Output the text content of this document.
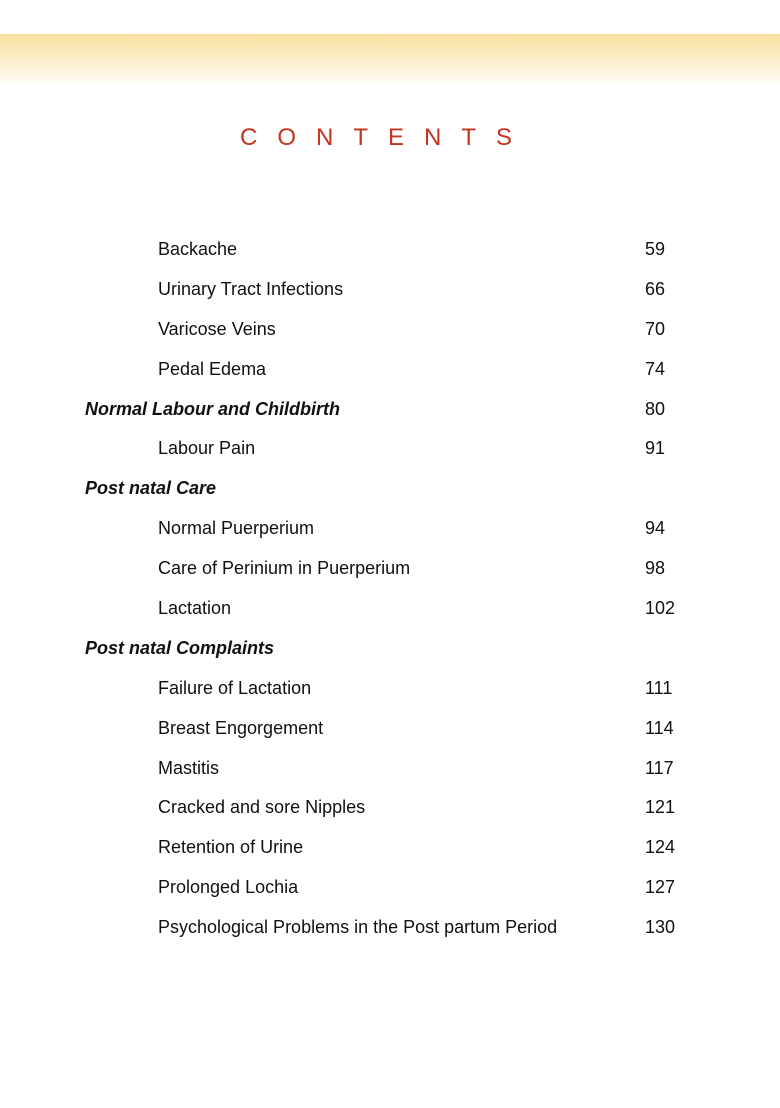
CONTENTS
Backache	59
Urinary Tract Infections	66
Varicose Veins	70
Pedal Edema	74
Normal Labour and Childbirth	80
Labour Pain	91
Post natal Care
Normal Puerperium	94
Care of Perinium in Puerperium	98
Lactation	102
Post natal Complaints
Failure of Lactation	111
Breast Engorgement	114
Mastitis	117
Cracked and sore Nipples	121
Retention of Urine	124
Prolonged Lochia	127
Psychological Problems in the Post partum Period	130
